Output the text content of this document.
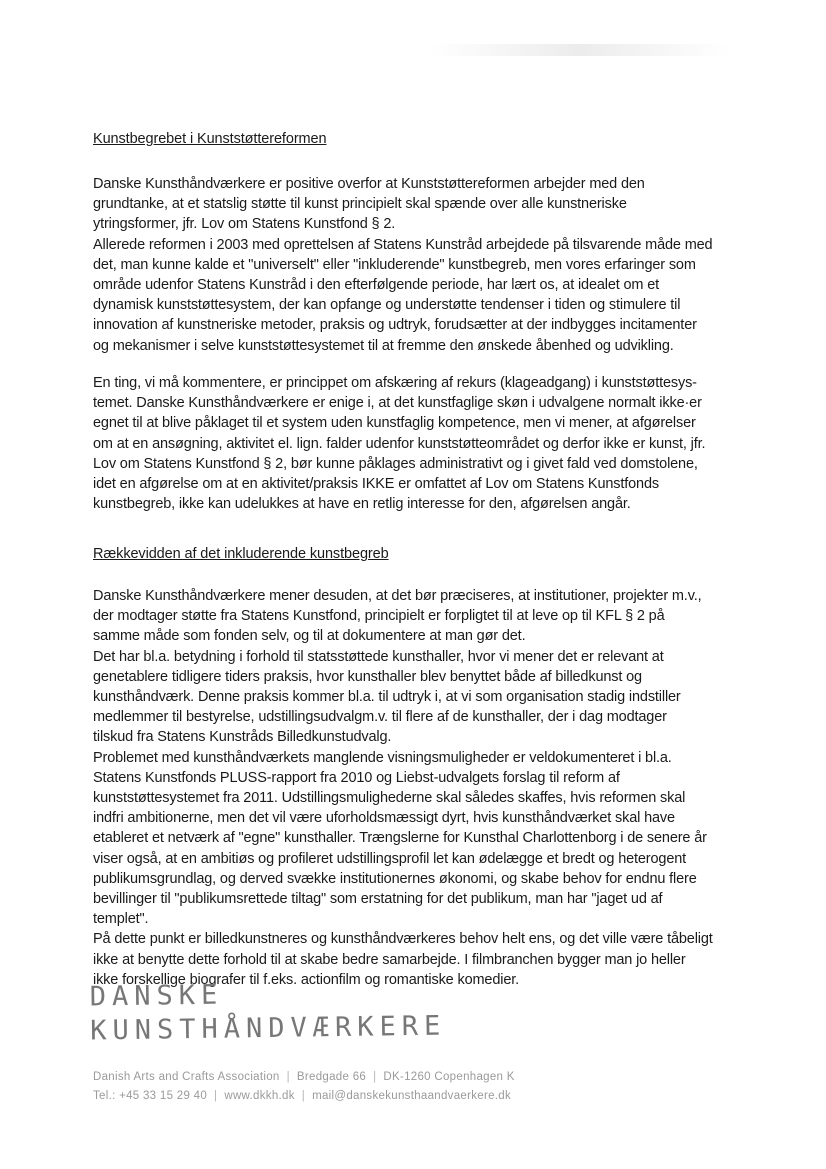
Kunstbegrebet i Kunststøttereformen
Danske Kunsthåndværkere er positive overfor at Kunststøttereformen arbejder med den
grundtanke, at et statslig støtte til kunst principielt skal spænde over alle kunstneriske
ytringsformer, jfr. Lov om Statens Kunstfond § 2.
Allerede reformen i 2003 med oprettelsen af Statens Kunstråd arbejdede på tilsvarende måde med
det, man kunne kalde et "universelt" eller "inkluderende" kunstbegreb, men vores erfaringer som
område udenfor Statens Kunstråd i den efterfølgende periode, har lært os, at idealet om et
dynamisk kunststøttesystem, der kan opfange og understøtte tendenser i tiden og stimulere til
innovation af kunstneriske metoder, praksis og udtryk, forudsætter at der indbygges incitamenter
og mekanismer i selve kunststøttesystemet til at fremme den ønskede åbenhed og udvikling.
En ting, vi må kommentere, er princippet om afskæring af rekurs (klageadgang) i kunststøttesys-
temet. Danske Kunsthåndværkere er enige i, at det kunstfaglige skøn i udvalgene normalt ikke·er
egnet til at blive påklaget til et system uden kunstfaglig kompetence, men vi mener, at afgørelser
om at en ansøgning, aktivitet el. lign. falder udenfor kunststøtteområdet og derfor ikke er kunst, jfr.
Lov om Statens Kunstfond § 2, bør kunne påklages administrativt og i givet fald ved domstolene,
idet en afgørelse om at en aktivitet/praksis IKKE er omfattet af Lov om Statens Kunstfonds
kunstbegreb, ikke kan udelukkes at have en retlig interesse for den, afgørelsen angår.
Rækkevidden af det inkluderende kunstbegreb
Danske Kunsthåndværkere mener desuden, at det bør præciseres, at institutioner, projekter m.v.,
der modtager støtte fra Statens Kunstfond, principielt er forpligtet til at leve op til KFL § 2 på
samme måde som fonden selv, og til at dokumentere at man gør det.
Det har bl.a. betydning i forhold til statsstøttede kunsthaller, hvor vi mener det er relevant at
genetablere tidligere tiders praksis, hvor kunsthaller blev benyttet både af billedkunst og
kunsthåndværk. Denne praksis kommer bl.a. til udtryk i, at vi som organisation stadig indstiller
medlemmer til bestyrelse, udstillingsudvalgm.v. til flere af de kunsthaller, der i dag modtager
tilskud fra Statens Kunstråds Billedkunstudvalg.
Problemet med kunsthåndværkets manglende visningsmuligheder er veldokumenteret i bl.a.
Statens Kunstfonds PLUSS-rapport fra 2010 og Liebst-udvalgets forslag til reform af
kunststøttesystemet fra 2011. Udstillingsmulighederne skal således skaffes, hvis reformen skal
indfri ambitionerne, men det vil være uforholdsmæssigt dyrt, hvis kunsthåndværket skal have
etableret et netværk af "egne" kunsthaller. Trængslerne for Kunsthal Charlottenborg i de senere år
viser også, at en ambitiøs og profileret udstillingsprofil let kan ødelægge et bredt og heterogent
publikumsgrundlag, og derved svække institutionernes økonomi, og skabe behov for endnu flere
bevillinger til "publikumsrettede tiltag" som erstatning for det publikum, man har "jaget ud af
templet".
På dette punkt er billedkunstneres og kunsthåndværkeres behov helt ens, og det ville være tåbeligt
ikke at benytte dette forhold til at skabe bedre samarbejde. I filmbranchen bygger man jo heller
ikke forskellige biografer til f.eks. actionfilm og romantiske komedier.
DANSKE
KUNSTHÅNDVÆRKERE
Danish Arts and Crafts Association | Bredgade 66 | DK-1260 Copenhagen K
Tel.: +45 33 15 29 40 | www.dkkh.dk | mail@danskekunsthaandvaerkere.dk
